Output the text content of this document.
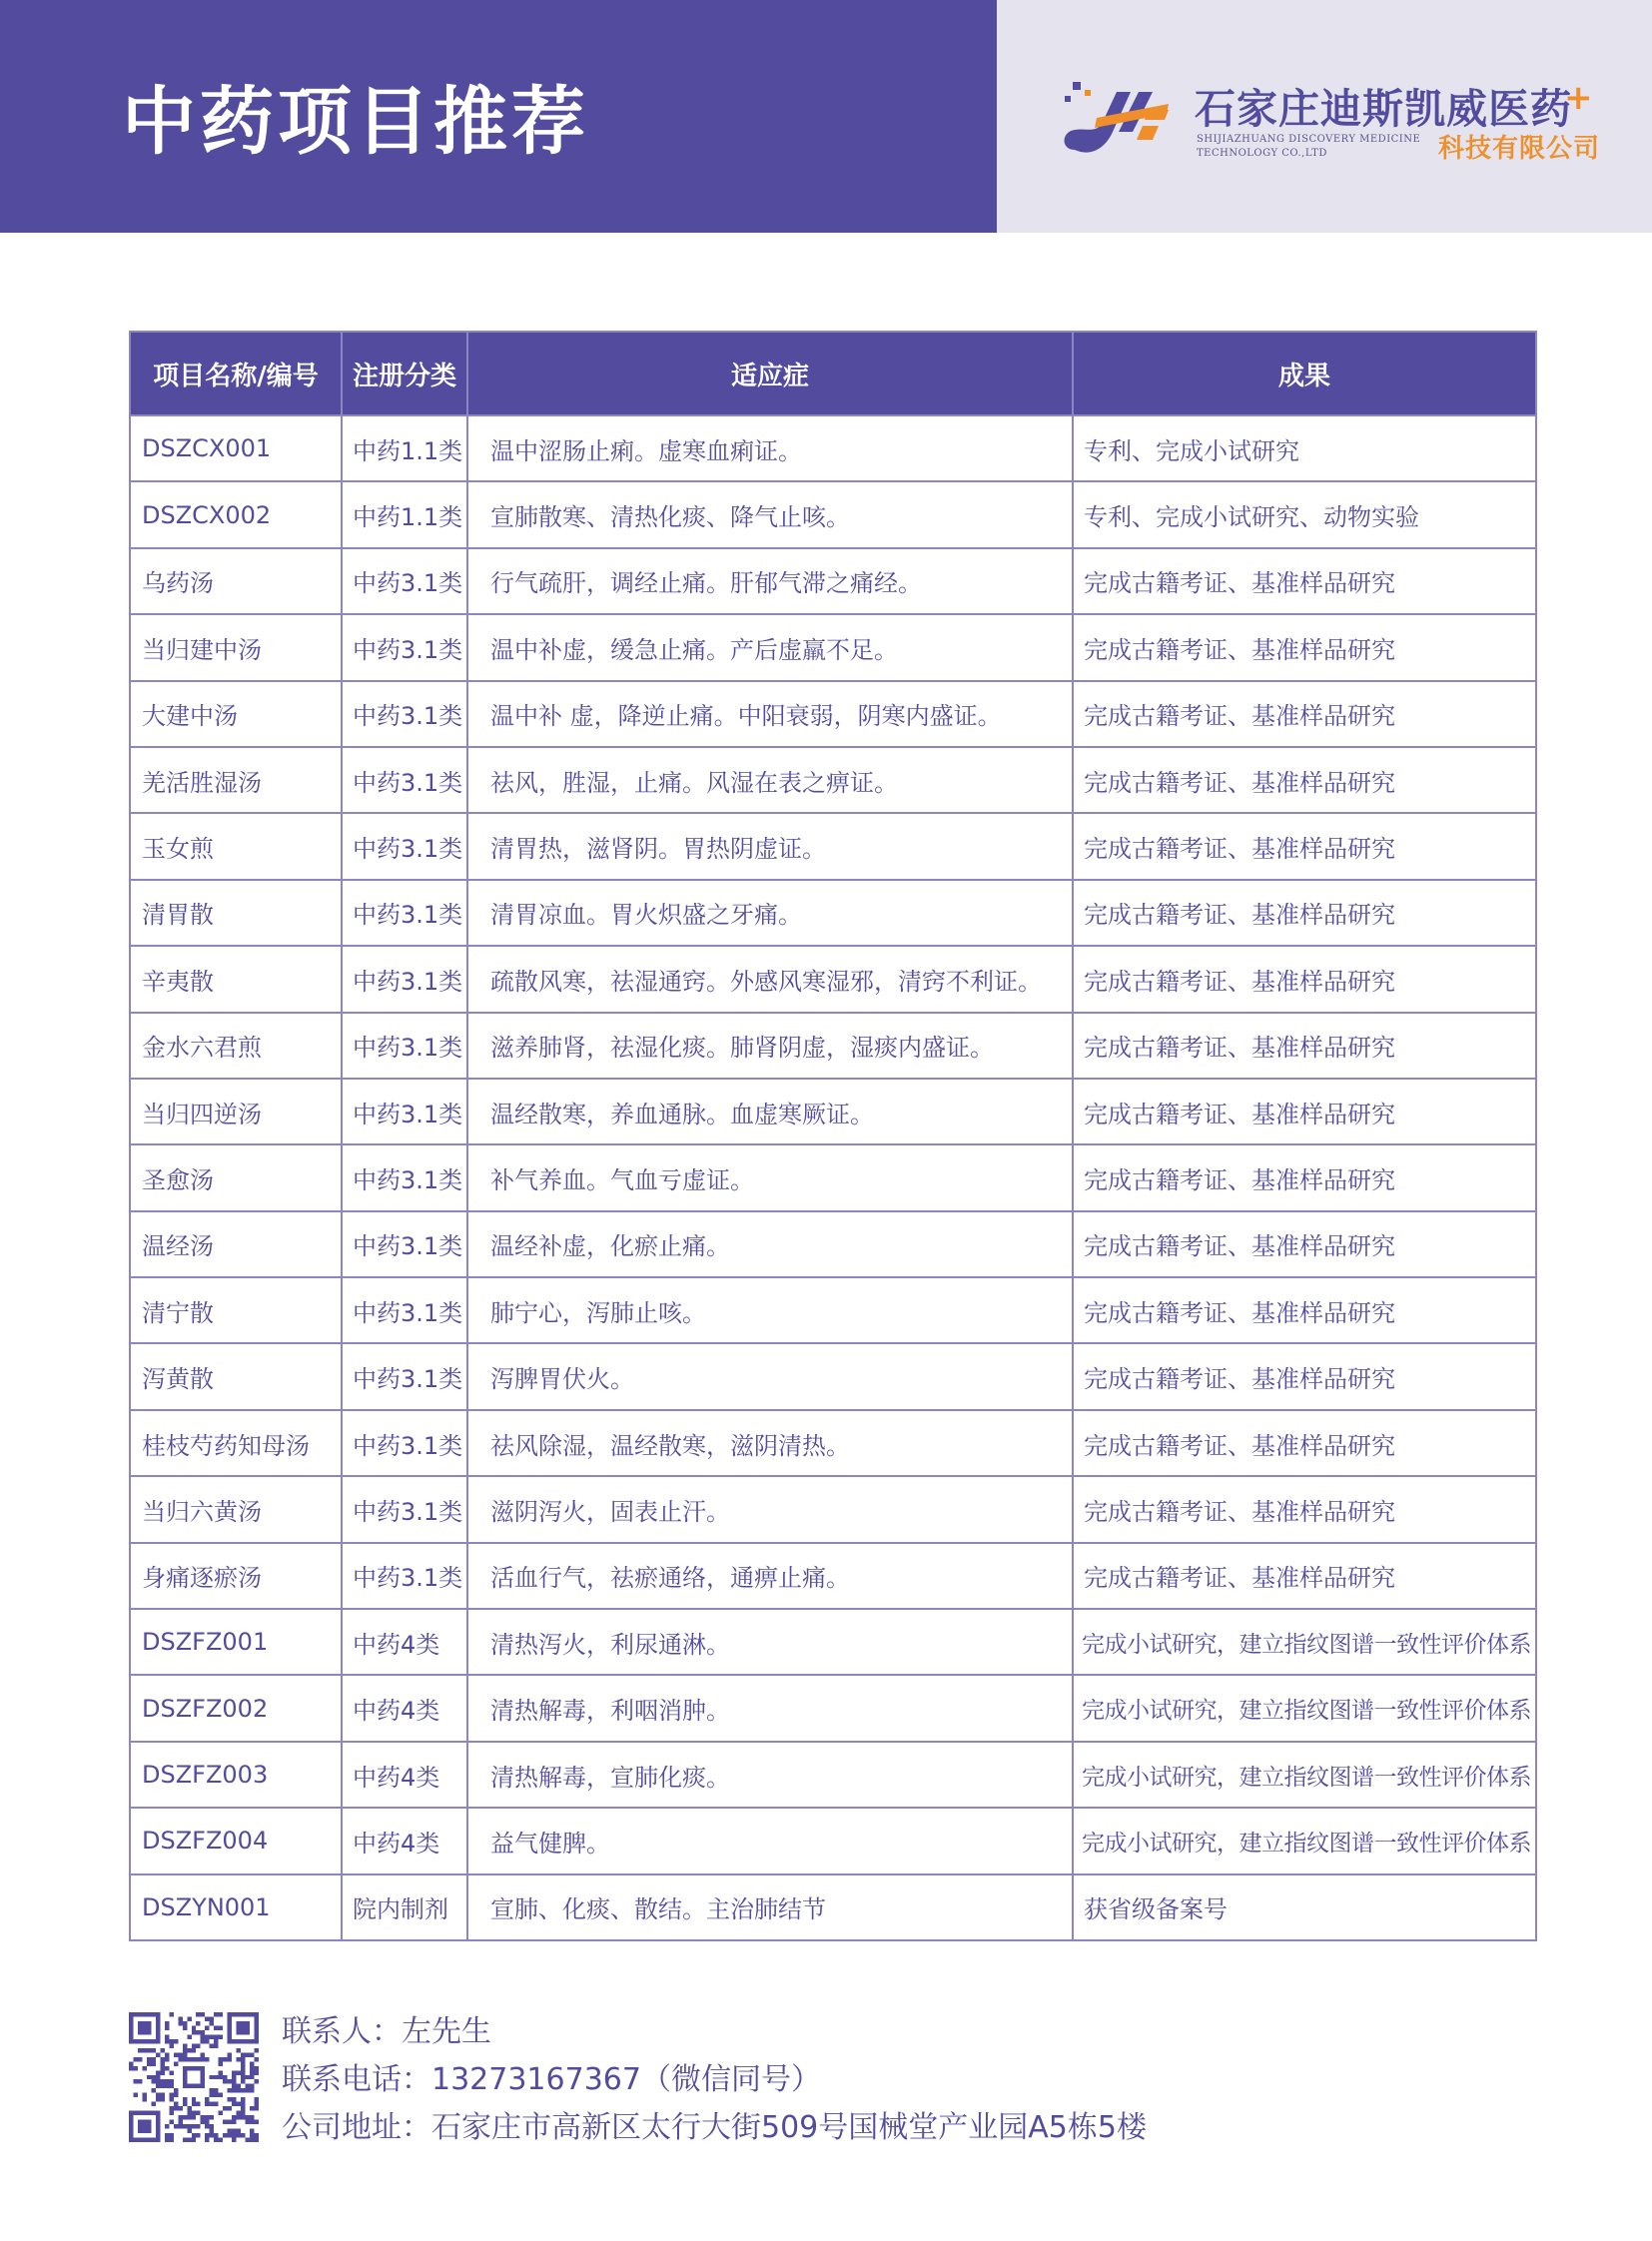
中药项目推荐	石家庄迪斯凯威医药
+
SHIJIAZHUANG DISCOVERY MEDICINE
TECHNOLOGY CO.,LTD	科技有限公司
项目名称/编号	注册分类	适应症	成果
DSZCX001	中药1.1类	温中涩肠止痢。虚寒血痢证。	专利、完成小试研究
DSZCX002	中药1.1类	宣肺散寒、清热化痰、降气止咳。	专利、完成小试研究、动物实验
乌药汤	中药3.1类	行气疏肝，调经止痛。肝郁气滞之痛经。	完成古籍考证、基准样品研究
当归建中汤	中药3.1类	温中补虚，缓急止痛。产后虚羸不足。	完成古籍考证、基准样品研究
大建中汤	中药3.1类	温中补 虚，降逆止痛。中阳衰弱，阴寒内盛证。	完成古籍考证、基准样品研究
羌活胜湿汤	中药3.1类	祛风，胜湿，止痛。风湿在表之痹证。	完成古籍考证、基准样品研究
玉女煎	中药3.1类	清胃热，滋肾阴。胃热阴虚证。	完成古籍考证、基准样品研究
清胃散	中药3.1类	清胃凉血。胃火炽盛之牙痛。	完成古籍考证、基准样品研究
辛夷散	中药3.1类	疏散风寒，祛湿通窍。外感风寒湿邪，清窍不利证。	完成古籍考证、基准样品研究
金水六君煎	中药3.1类	滋养肺肾，祛湿化痰。肺肾阴虚，湿痰内盛证。	完成古籍考证、基准样品研究
当归四逆汤	中药3.1类	温经散寒，养血通脉。血虚寒厥证。	完成古籍考证、基准样品研究
圣愈汤	中药3.1类	补气养血。气血亏虚证。	完成古籍考证、基准样品研究
温经汤	中药3.1类	温经补虚，化瘀止痛。	完成古籍考证、基准样品研究
清宁散	中药3.1类	肺宁心，泻肺止咳。	完成古籍考证、基准样品研究
泻黄散	中药3.1类	泻脾胃伏火。	完成古籍考证、基准样品研究
桂枝芍药知母汤	中药3.1类	祛风除湿，温经散寒，滋阴清热。	完成古籍考证、基准样品研究
当归六黄汤	中药3.1类	滋阴泻火，固表止汗。	完成古籍考证、基准样品研究
身痛逐瘀汤	中药3.1类	活血行气，祛瘀通络，通痹止痛。	完成古籍考证、基准样品研究
DSZFZ001	中药4类	清热泻火，利尿通淋。	完成小试研究，建立指纹图谱一致性评价体系
DSZFZ002	中药4类	清热解毒，利咽消肿。	完成小试研究，建立指纹图谱一致性评价体系
DSZFZ003	中药4类	清热解毒，宣肺化痰。	完成小试研究，建立指纹图谱一致性评价体系
DSZFZ004	中药4类	益气健脾。	完成小试研究，建立指纹图谱一致性评价体系
DSZYN001	院内制剂	宣肺、化痰、散结。主治肺结节	获省级备案号
联系人：左先生
联系电话：13273167367（微信同号）
公司地址：石家庄市高新区太行大街509号国械堂产业园A5栋5楼
